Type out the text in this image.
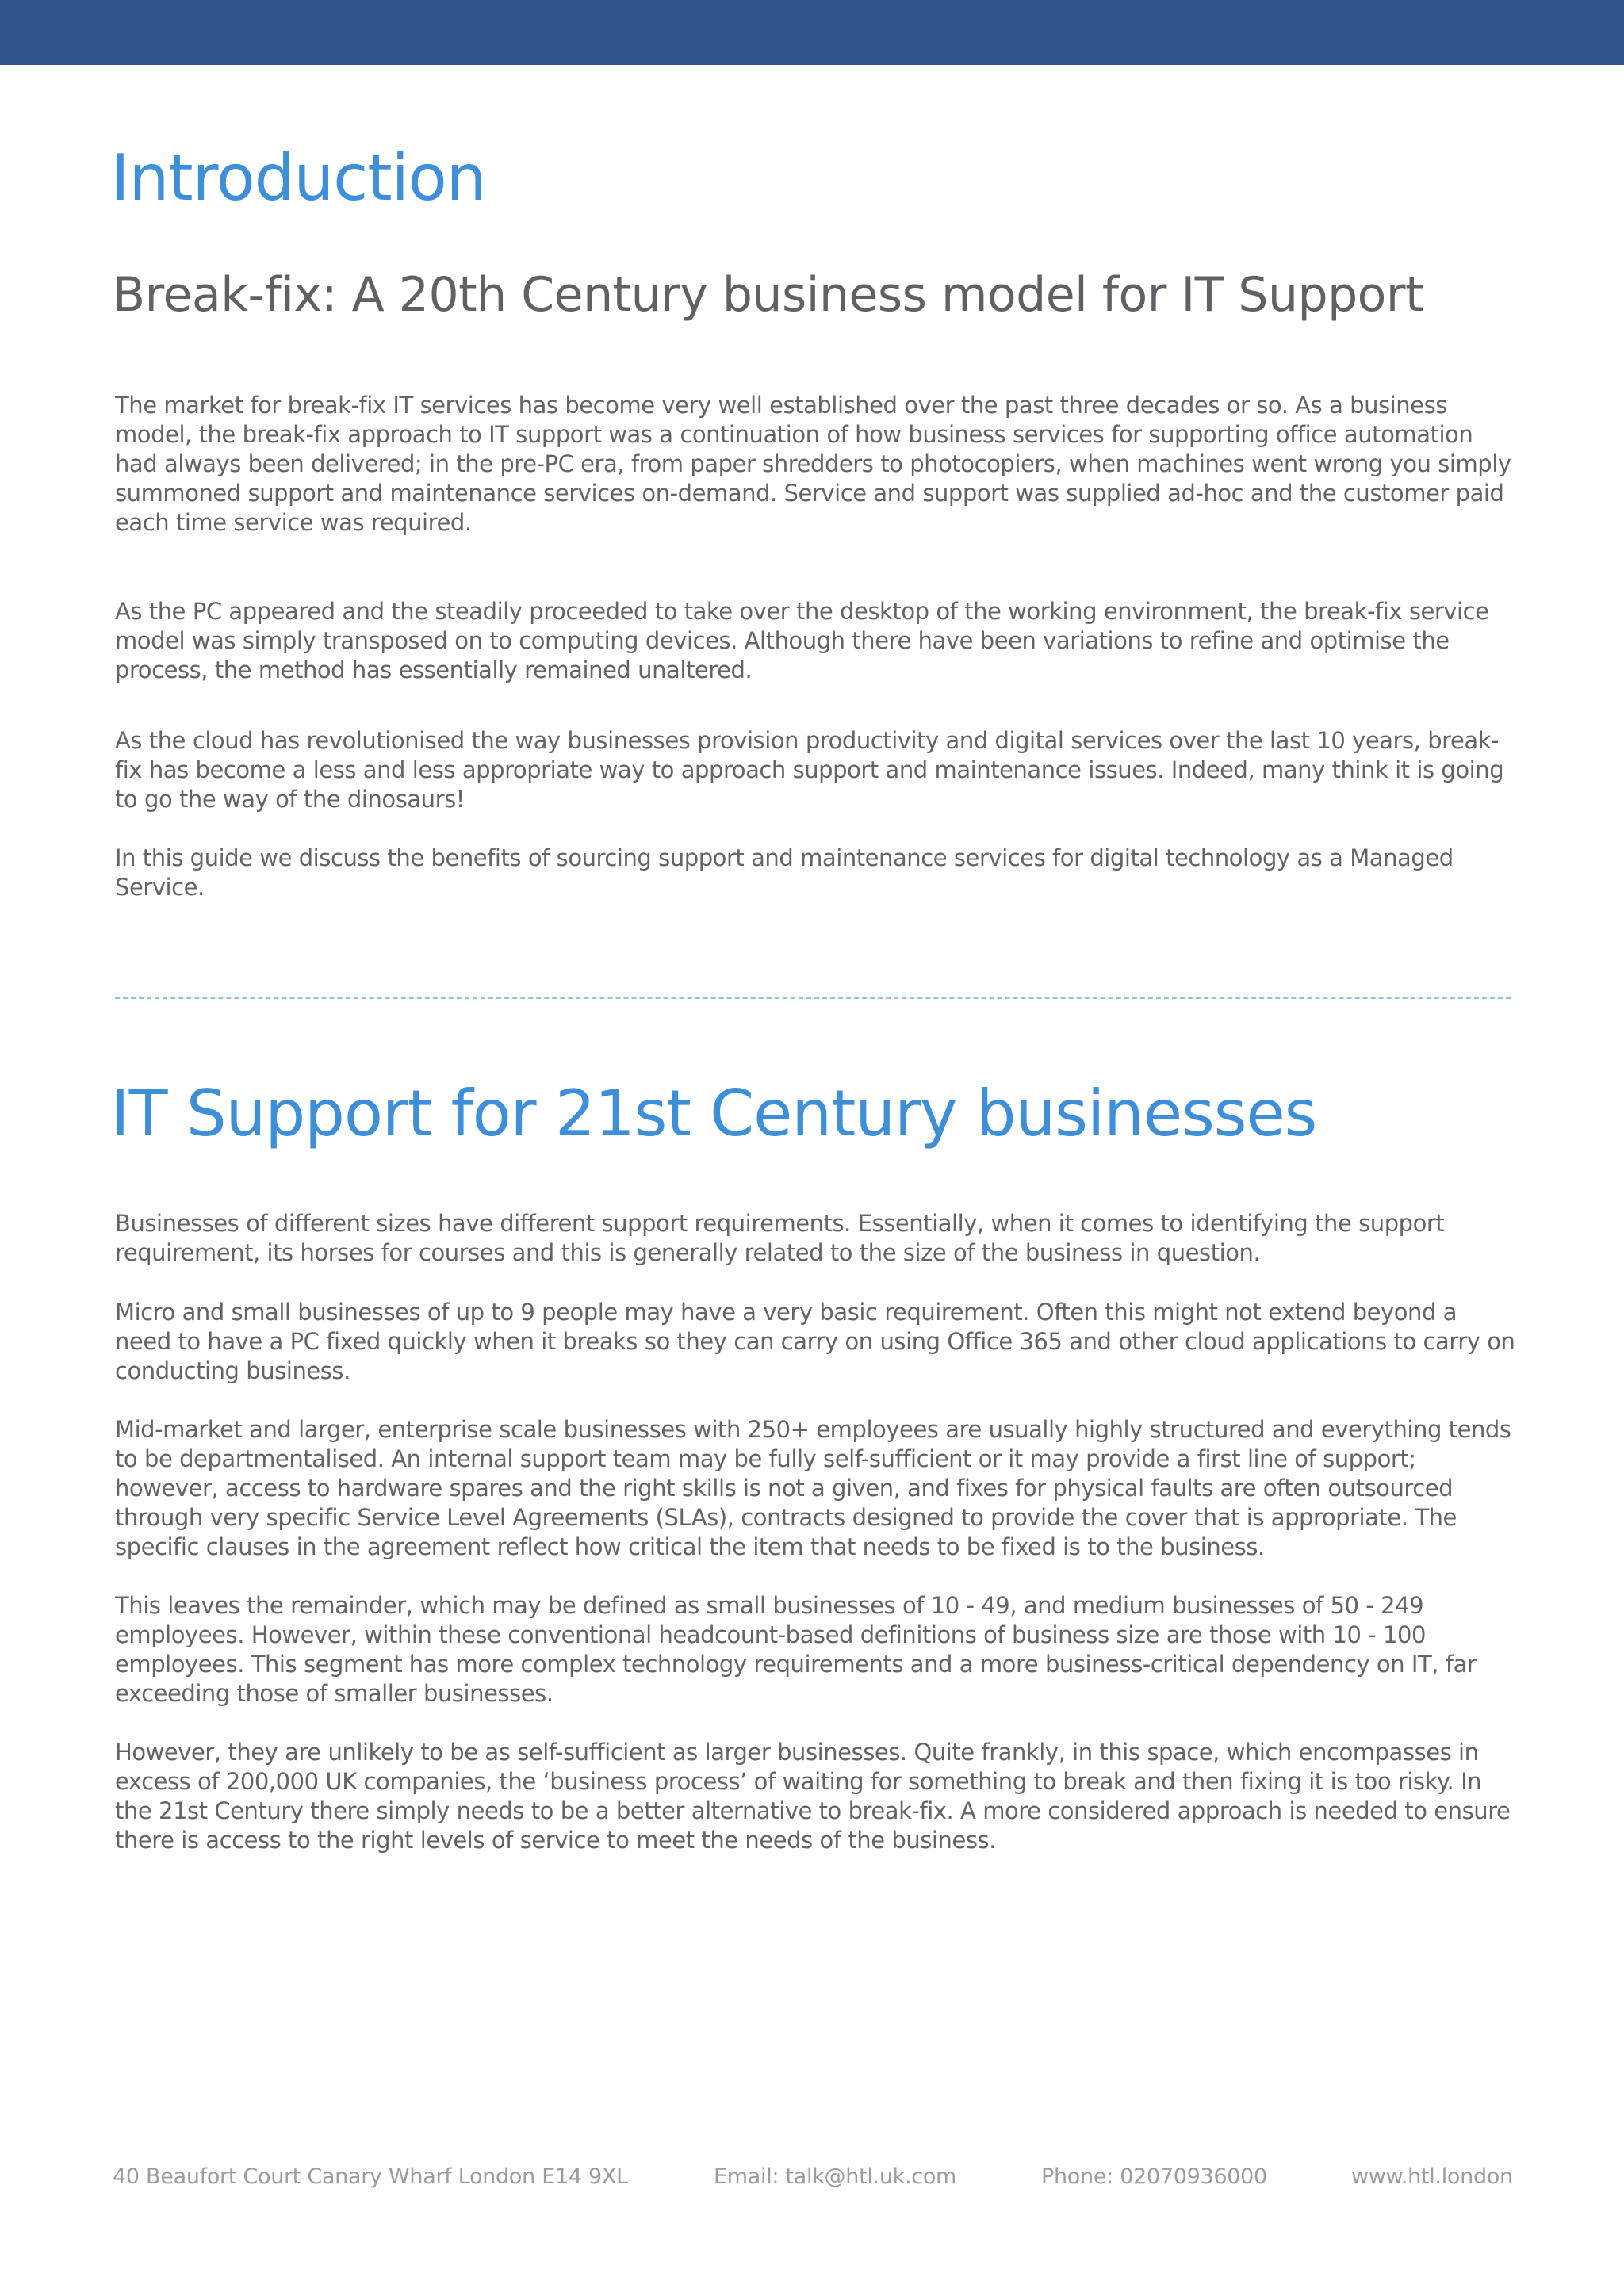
Introduction
Break-fix: A 20th Century business model for IT Support

The market for break-fix IT services has become very well established over the past three decades or so. As a business model, the break-fix approach to IT support was a continuation of how business services for supporting office automation had always been delivered; in the pre-PC era, from paper shredders to photocopiers, when machines went wrong you simply summoned support and maintenance services on-demand. Service and support was supplied ad-hoc and the customer paid each time service was required.

As the PC appeared and the steadily proceeded to take over the desktop of the working environment, the break-fix service model was simply transposed on to computing devices. Although there have been variations to refine and optimise the process, the method has essentially remained unaltered.

As the cloud has revolutionised the way businesses provision productivity and digital services over the last 10 years, break-fix has become a less and less appropriate way to approach support and maintenance issues. Indeed, many think it is going to go the way of the dinosaurs!

In this guide we discuss the benefits of sourcing support and maintenance services for digital technology as a Managed Service.

IT Support for 21st Century businesses

Businesses of different sizes have different support requirements. Essentially, when it comes to identifying the support requirement, its horses for courses and this is generally related to the size of the business in question.

Micro and small businesses of up to 9 people may have a very basic requirement. Often this might not extend beyond a need to have a PC fixed quickly when it breaks so they can carry on using Office 365 and other cloud applications to carry on conducting business.

Mid-market and larger, enterprise scale businesses with 250+ employees are usually highly structured and everything tends to be departmentalised. An internal support team may be fully self-sufficient or it may provide a first line of support; however, access to hardware spares and the right skills is not a given, and fixes for physical faults are often outsourced through very specific Service Level Agreements (SLAs), contracts designed to provide the cover that is appropriate. The specific clauses in the agreement reflect how critical the item that needs to be fixed is to the business.

This leaves the remainder, which may be defined as small businesses of 10 - 49, and medium businesses of 50 - 249 employees. However, within these conventional headcount-based definitions of business size are those with 10 - 100 employees. This segment has more complex technology requirements and a more business-critical dependency on IT, far exceeding those of smaller businesses.

However, they are unlikely to be as self-sufficient as larger businesses. Quite frankly, in this space, which encompasses in excess of 200,000 UK companies, the ‘business process’ of waiting for something to break and then fixing it is too risky. In the 21st Century there simply needs to be a better alternative to break-fix. A more considered approach is needed to ensure there is access to the right levels of service to meet the needs of the business.

40 Beaufort Court Canary Wharf London E14 9XL	Email: talk@htl.uk.com	Phone: 02070936000	www.htl.london
